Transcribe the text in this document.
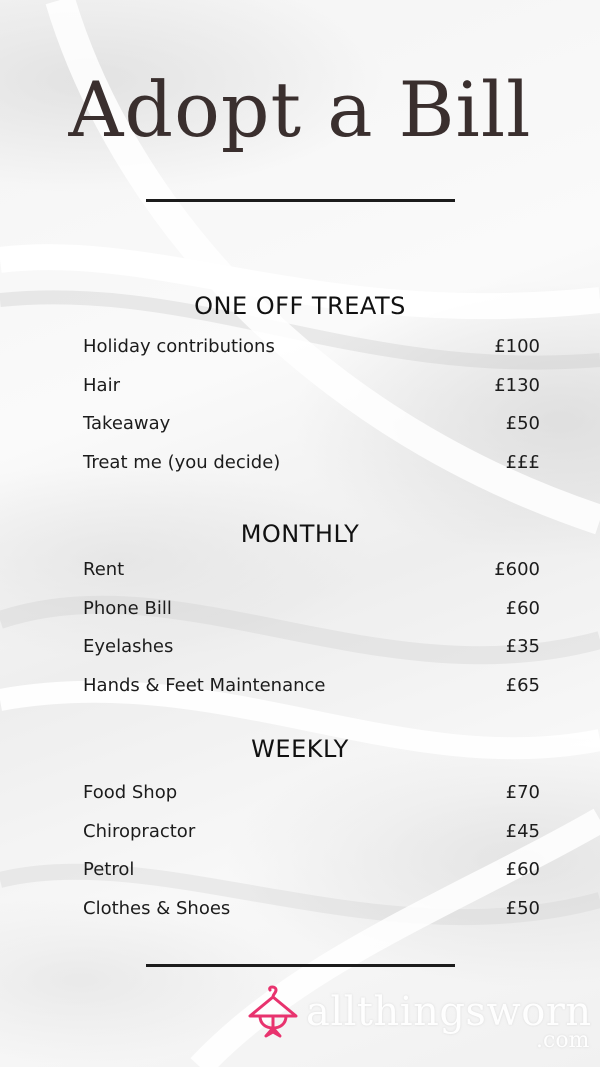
Adopt a Bill
ONE OFF TREATS
Holiday contributions	£100
Hair	£130
Takeaway	£50
Treat me (you decide)	£££
MONTHLY
Rent	£600
Phone Bill	£60
Eyelashes	£35
Hands & Feet Maintenance	£65
WEEKLY
Food Shop	£70
Chiropractor	£45
Petrol	£60
Clothes & Shoes	£50
allthingsworn
.com
